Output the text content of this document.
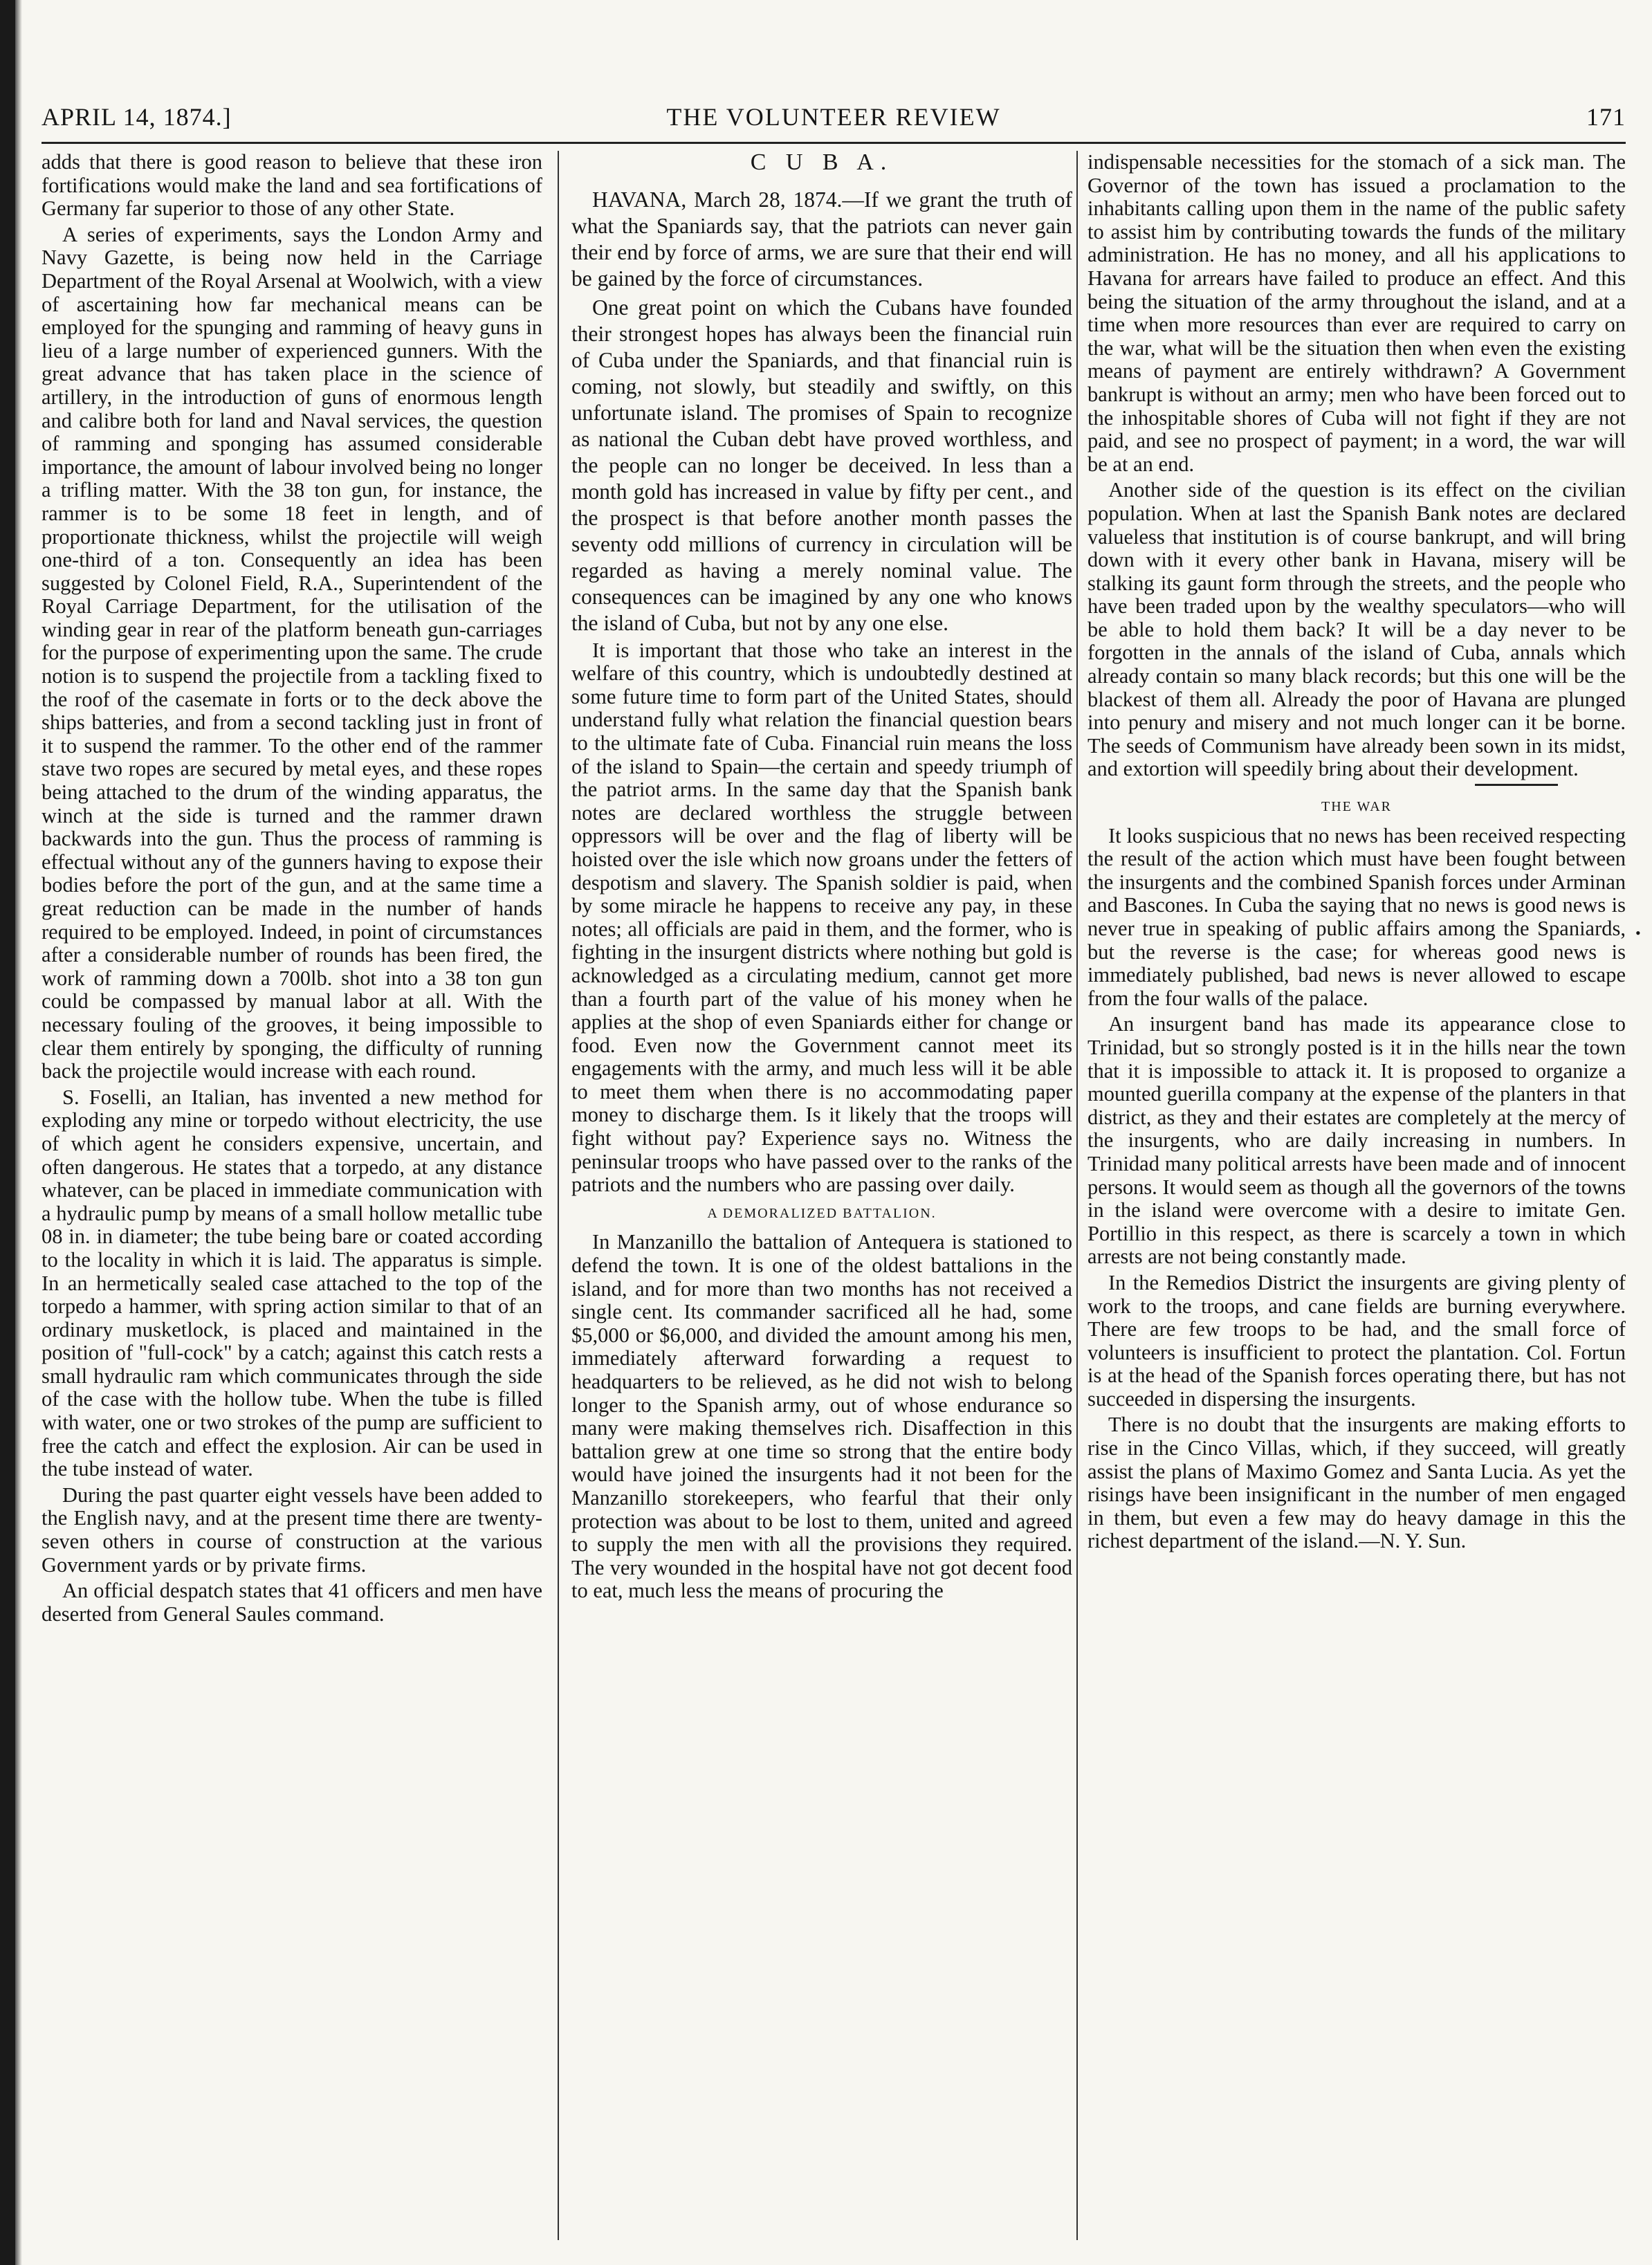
APRIL 14, 1874.]	THE VOLUNTEER REVIEW	171

adds that there is good reason to believe that these iron fortifications would make the land and sea fortifications of Germany far superior to those of any other State.

A series of experiments, says the London Army and Navy Gazette, is being now held in the Carriage Department of the Royal Arsenal at Woolwich, with a view of ascertaining how far mechanical means can be employed for the spunging and ramming of heavy guns in lieu of a large number of experienced gunners. With the great advance that has taken place in the science of artillery, in the introduction of guns of enormous length and calibre both for land and Naval services, the question of ramming and sponging has assumed considerable importance, the amount of labour involved being no longer a trifling matter. With the 38 ton gun, for instance, the rammer is to be some 18 feet in length, and of proportionate thickness, whilst the projectile will weigh one-third of a ton. Consequently an idea has been suggested by Colonel Field, R.A., Superintendent of the Royal Carriage Department, for the utilisation of the winding gear in rear of the platform beneath gun-carriages for the purpose of experimenting upon the same. The crude notion is to suspend the projectile from a tackling fixed to the roof of the casemate in forts or to the deck above the ships batteries, and from a second tackling just in front of it to suspend the rammer. To the other end of the rammer stave two ropes are secured by metal eyes, and these ropes being attached to the drum of the winding apparatus, the winch at the side is turned and the rammer drawn backwards into the gun. Thus the process of ramming is effectual without any of the gunners having to expose their bodies before the port of the gun, and at the same time a great reduction can be made in the number of hands required to be employed. Indeed, in point of circumstances after a considerable number of rounds has been fired, the work of ramming down a 700lb. shot into a 38 ton gun could be compassed by manual labor at all. With the necessary fouling of the grooves, it being impossible to clear them entirely by sponging, the difficulty of running back the projectile would increase with each round.

S. Foselli, an Italian, has invented a new method for exploding any mine or torpedo without electricity, the use of which agent he considers expensive, uncertain, and often dangerous. He states that a torpedo, at any distance whatever, can be placed in immediate communication with a hydraulic pump by means of a small hollow metallic tube 08 in. in diameter; the tube being bare or coated according to the locality in which it is laid. The apparatus is simple. In an hermetically sealed case attached to the top of the torpedo a hammer, with spring action similar to that of an ordinary musketlock, is placed and maintained in the position of "full-cock" by a catch; against this catch rests a small hydraulic ram which communicates through the side of the case with the hollow tube. When the tube is filled with water, one or two strokes of the pump are sufficient to free the catch and effect the explosion. Air can be used in the tube instead of water.

During the past quarter eight vessels have been added to the English navy, and at the present time there are twenty-seven others in course of construction at the various Government yards or by private firms.

An official despatch states that 41 officers and men have deserted from General Saules command.

C U B A.

HAVANA, March 28, 1874.—If we grant the truth of what the Spaniards say, that the patriots can never gain their end by force of arms, we are sure that their end will be gained by the force of circumstances.

One great point on which the Cubans have founded their strongest hopes has always been the financial ruin of Cuba under the Spaniards, and that financial ruin is coming, not slowly, but steadily and swiftly, on this unfortunate island. The promises of Spain to recognize as national the Cuban debt have proved worthless, and the people can no longer be deceived. In less than a month gold has increased in value by fifty per cent., and the prospect is that before another month passes the seventy odd millions of currency in circulation will be regarded as having a merely nominal value. The consequences can be imagined by any one who knows the island of Cuba, but not by any one else.

It is important that those who take an interest in the welfare of this country, which is undoubtedly destined at some future time to form part of the United States, should understand fully what relation the financial question bears to the ultimate fate of Cuba. Financial ruin means the loss of the island to Spain—the certain and speedy triumph of the patriot arms. In the same day that the Spanish bank notes are declared worthless the struggle between oppressors will be over and the flag of liberty will be hoisted over the isle which now groans under the fetters of despotism and slavery. The Spanish soldier is paid, when by some miracle he happens to receive any pay, in these notes; all officials are paid in them, and the former, who is fighting in the insurgent districts where nothing but gold is acknowledged as a circulating medium, cannot get more than a fourth part of the value of his money when he applies at the shop of even Spaniards either for change or food. Even now the Government cannot meet its engagements with the army, and much less will it be able to meet them when there is no accommodating paper money to discharge them. Is it likely that the troops will fight without pay? Experience says no. Witness the peninsular troops who have passed over to the ranks of the patriots and the numbers who are passing over daily.

A DEMORALIZED BATTALION.

In Manzanillo the battalion of Antequera is stationed to defend the town. It is one of the oldest battalions in the island, and for more than two months has not received a single cent. Its commander sacrificed all he had, some $5,000 or $6,000, and divided the amount among his men, immediately afterward forwarding a request to headquarters to be relieved, as he did not wish to belong longer to the Spanish army, out of whose endurance so many were making themselves rich. Disaffection in this battalion grew at one time so strong that the entire body would have joined the insurgents had it not been for the Manzanillo storekeepers, who fearful that their only protection was about to be lost to them, united and agreed to supply the men with all the provisions they required. The very wounded in the hospital have not got decent food to eat, much less the means of procuring the

indispensable necessities for the stomach of a sick man. The Governor of the town has issued a proclamation to the inhabitants calling upon them in the name of the public safety to assist him by contributing towards the funds of the military administration. He has no money, and all his applications to Havana for arrears have failed to produce an effect. And this being the situation of the army throughout the island, and at a time when more resources than ever are required to carry on the war, what will be the situation then when even the existing means of payment are entirely withdrawn? A Government bankrupt is without an army; men who have been forced out to the inhospitable shores of Cuba will not fight if they are not paid, and see no prospect of payment; in a word, the war will be at an end.

Another side of the question is its effect on the civilian population. When at last the Spanish Bank notes are declared valueless that institution is of course bankrupt, and will bring down with it every other bank in Havana, misery will be stalking its gaunt form through the streets, and the people who have been traded upon by the wealthy speculators—who will be able to hold them back? It will be a day never to be forgotten in the annals of the island of Cuba, annals which already contain so many black records; but this one will be the blackest of them all. Already the poor of Havana are plunged into penury and misery and not much longer can it be borne. The seeds of Communism have already been sown in its midst, and extortion will speedily bring about their development.

THE WAR

It looks suspicious that no news has been received respecting the result of the action which must have been fought between the insurgents and the combined Spanish forces under Arminan and Bascones. In Cuba the saying that no news is good news is never true in speaking of public affairs among the Spaniards, but the reverse is the case; for whereas good news is immediately published, bad news is never allowed to escape from the four walls of the palace.

An insurgent band has made its appearance close to Trinidad, but so strongly posted is it in the hills near the town that it is impossible to attack it. It is proposed to organize a mounted guerilla company at the expense of the planters in that district, as they and their estates are completely at the mercy of the insurgents, who are daily increasing in numbers. In Trinidad many political arrests have been made and of innocent persons. It would seem as though all the governors of the towns in the island were overcome with a desire to imitate Gen. Portillio in this respect, as there is scarcely a town in which arrests are not being constantly made.

In the Remedios District the insurgents are giving plenty of work to the troops, and cane fields are burning everywhere. There are few troops to be had, and the small force of volunteers is insufficient to protect the plantation. Col. Fortun is at the head of the Spanish forces operating there, but has not succeeded in dispersing the insurgents.

There is no doubt that the insurgents are making efforts to rise in the Cinco Villas, which, if they succeed, will greatly assist the plans of Maximo Gomez and Santa Lucia. As yet the risings have been insignificant in the number of men engaged in them, but even a few may do heavy damage in this the richest department of the island.—N. Y. Sun.

•
